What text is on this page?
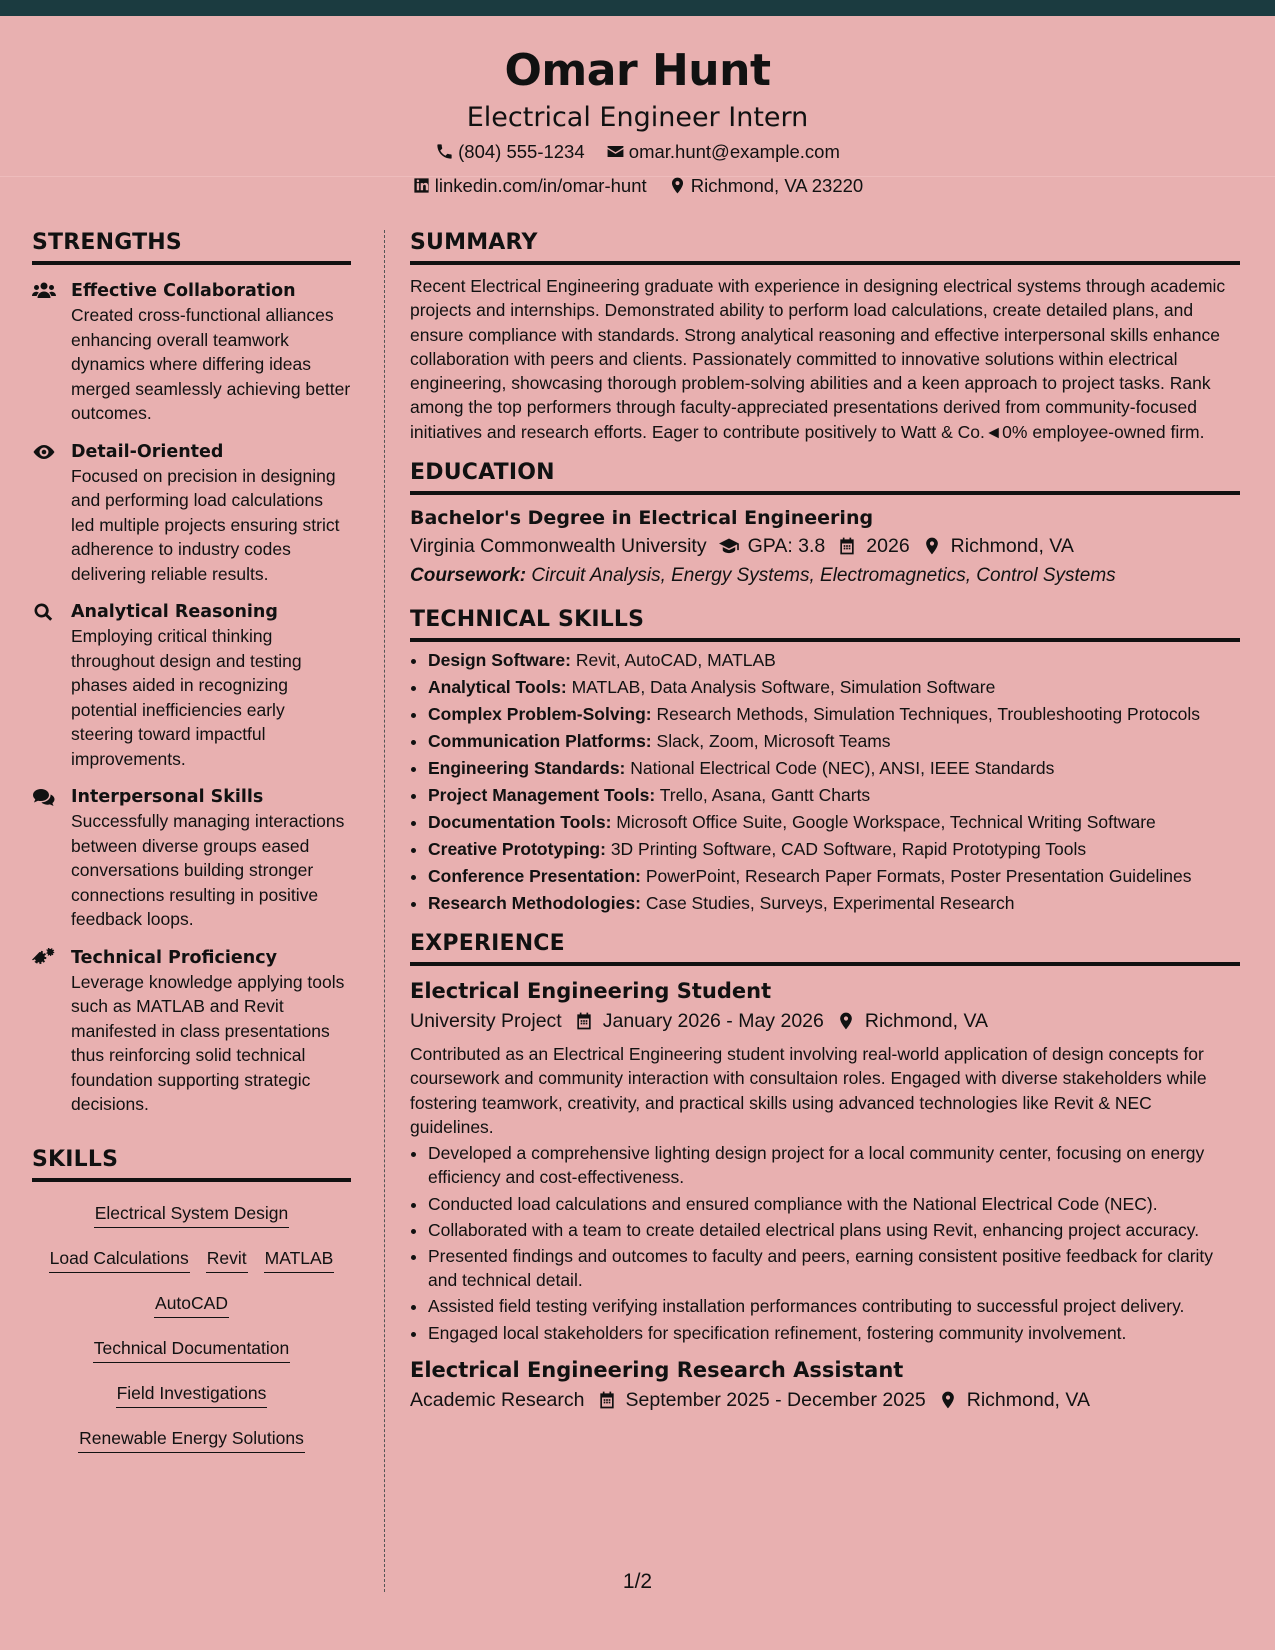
Omar Hunt
Electrical Engineer Intern
(804) 555-1234
omar.hunt@example.com
linkedin.com/in/omar-hunt
Richmond, VA 23220
STRENGTHS
Effective Collaboration
Created cross-functional alliances enhancing overall teamwork dynamics where differing ideas merged seamlessly achieving better outcomes.
Detail-Oriented
Focused on precision in designing and performing load calculations led multiple projects ensuring strict adherence to industry codes delivering reliable results.
Analytical Reasoning
Employing critical thinking throughout design and testing phases aided in recognizing potential inefficiencies early steering toward impactful improvements.
Interpersonal Skills
Successfully managing interactions between diverse groups eased conversations building stronger connections resulting in positive feedback loops.
Technical Proficiency
Leverage knowledge applying tools such as MATLAB and Revit manifested in class presentations thus reinforcing solid technical foundation supporting strategic decisions.
SKILLS
Electrical System Design
Load Calculations Revit MATLAB
AutoCAD
Technical Documentation
Field Investigations
Renewable Energy Solutions
SUMMARY
Recent Electrical Engineering graduate with experience in designing electrical systems through academic projects and internships. Demonstrated ability to perform load calculations, create detailed plans, and ensure compliance with standards. Strong analytical reasoning and effective interpersonal skills enhance collaboration with peers and clients. Passionately committed to innovative solutions within electrical engineering, showcasing thorough problem-solving abilities and a keen approach to project tasks. Rank among the top performers through faculty-appreciated presentations derived from community-focused initiatives and research efforts. Eager to contribute positively to Watt & Co.◄0% employee-owned firm.
EDUCATION
Bachelor's Degree in Electrical Engineering
Virginia Commonwealth University GPA: 3.8 2026 Richmond, VA
Coursework: Circuit Analysis, Energy Systems, Electromagnetics, Control Systems
TECHNICAL SKILLS
• Design Software: Revit, AutoCAD, MATLAB
• Analytical Tools: MATLAB, Data Analysis Software, Simulation Software
• Complex Problem-Solving: Research Methods, Simulation Techniques, Troubleshooting Protocols
• Communication Platforms: Slack, Zoom, Microsoft Teams
• Engineering Standards: National Electrical Code (NEC), ANSI, IEEE Standards
• Project Management Tools: Trello, Asana, Gantt Charts
• Documentation Tools: Microsoft Office Suite, Google Workspace, Technical Writing Software
• Creative Prototyping: 3D Printing Software, CAD Software, Rapid Prototyping Tools
• Conference Presentation: PowerPoint, Research Paper Formats, Poster Presentation Guidelines
• Research Methodologies: Case Studies, Surveys, Experimental Research
EXPERIENCE
Electrical Engineering Student
University Project January 2026 - May 2026 Richmond, VA
Contributed as an Electrical Engineering student involving real-world application of design concepts for coursework and community interaction with consultaion roles. Engaged with diverse stakeholders while fostering teamwork, creativity, and practical skills using advanced technologies like Revit & NEC guidelines.
• Developed a comprehensive lighting design project for a local community center, focusing on energy efficiency and cost-effectiveness.
• Conducted load calculations and ensured compliance with the National Electrical Code (NEC).
• Collaborated with a team to create detailed electrical plans using Revit, enhancing project accuracy.
• Presented findings and outcomes to faculty and peers, earning consistent positive feedback for clarity and technical detail.
• Assisted field testing verifying installation performances contributing to successful project delivery.
• Engaged local stakeholders for specification refinement, fostering community involvement.
Electrical Engineering Research Assistant
Academic Research September 2025 - December 2025 Richmond, VA
1/2
